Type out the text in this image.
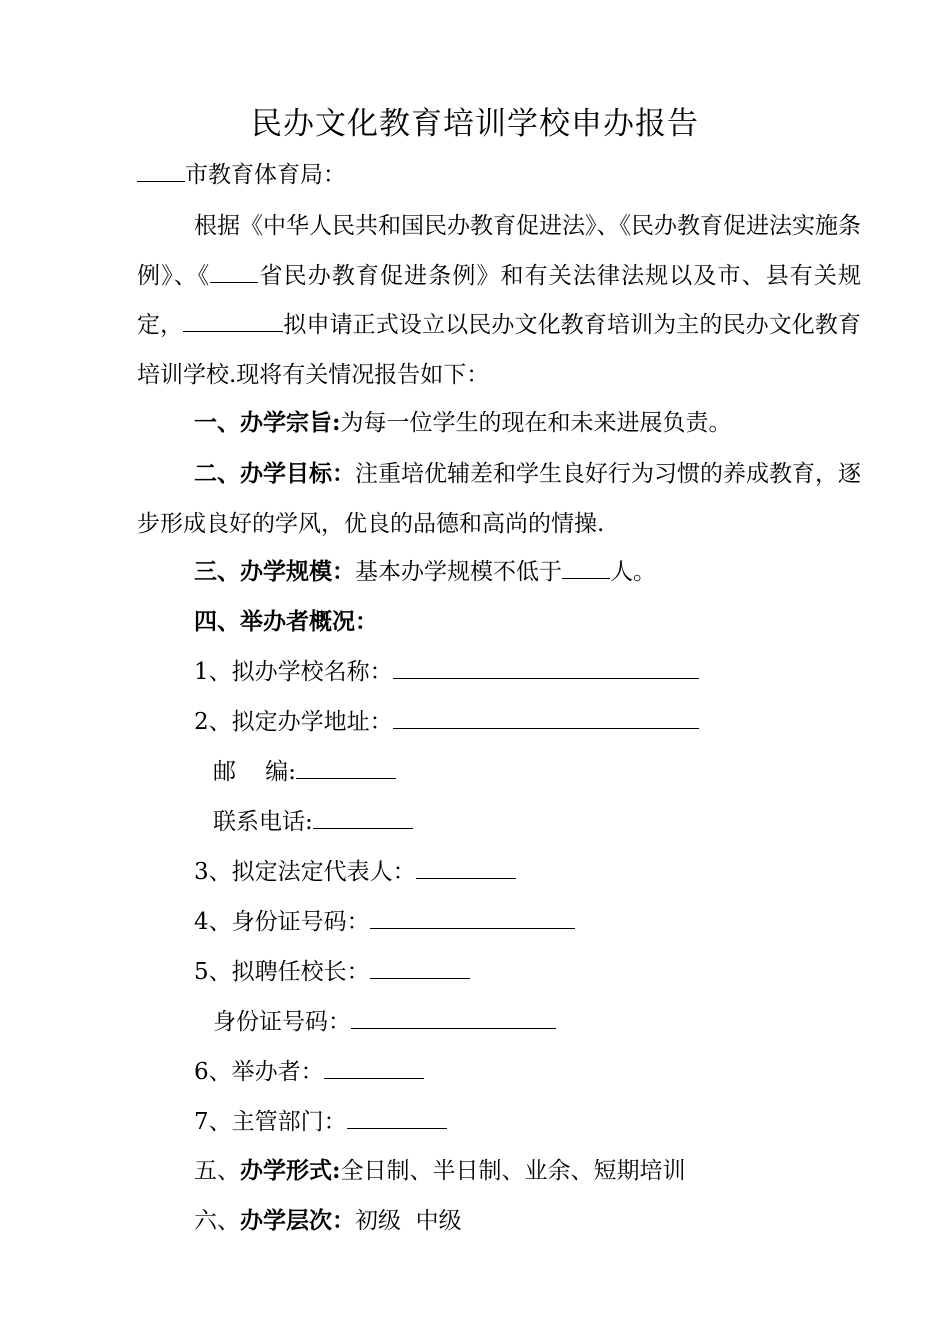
民办文化教育培训学校申办报告
市教育体育局：
根据《中华人民共和国民办教育促进法》、《民办教育促进法实施条例》、《 省民办教育促进条例》和有关法律法规以及市、县有关规定，	拟申请正式设立以民办文化教育培训为主的民办文化教育培训学校.现将有关情况报告如下：
一、办学宗旨:为每一位学生的现在和未来进展负责。
二、办学目标：注重培优辅差和学生良好行为习惯的养成教育，逐步形成良好的学风，优良的品德和高尚的情操.
三、办学规模：基本办学规模不低于 人。
四、举办者概况：
1、拟办学校名称：
2、拟定办学地址：
邮    编:
联系电话:
3、拟定法定代表人：
4、身份证号码：
5、拟聘任校长：
身份证号码：
6、举办者：
7、主管部门：
五、办学形式:全日制、半日制、业余、短期培训
六、办学层次：初级  中级
